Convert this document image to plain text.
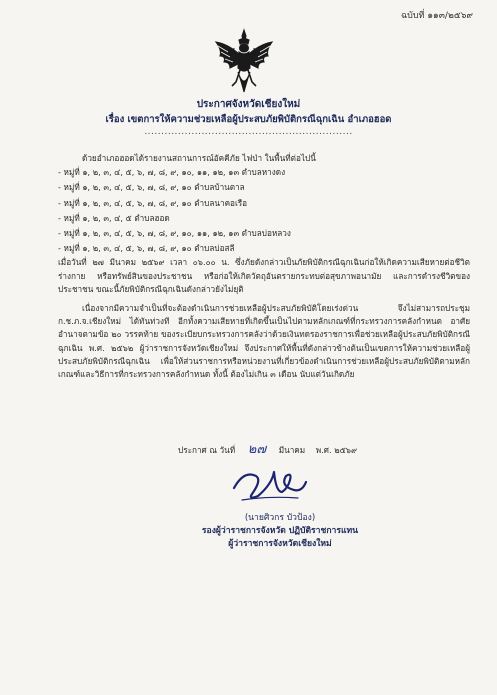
ฉบับที่ ๑๑๓/๒๕๖๙
ประกาศจังหวัดเชียงใหม่
เรื่อง เขตการให้ความช่วยเหลือผู้ประสบภัยพิบัติกรณีฉุกเฉิน อำเภอฮอด
..............................................................

ด้วยอำเภอฮอดได้รายงานสถานการณ์อัคคีภัย ไฟป่า ในพื้นที่ต่อไปนี้

- หมู่ที่ ๑, ๒, ๓, ๔, ๕, ๖, ๗, ๘, ๙, ๑๐, ๑๑, ๑๒, ๑๓ ตำบลหางดง
- หมู่ที่ ๑, ๒, ๓, ๔, ๕, ๖, ๗, ๘, ๙, ๑๐ ตำบลบ้านตาล
- หมู่ที่ ๑, ๒, ๓, ๔, ๕, ๖, ๗, ๘, ๙, ๑๐ ตำบลนาคอเรือ
- หมู่ที่ ๑, ๒, ๓, ๔, ๕ ตำบลฮอด
- หมู่ที่ ๑, ๒, ๓, ๔, ๕, ๖, ๗, ๘, ๙, ๑๐, ๑๑, ๑๒, ๑๓ ตำบลบ่อหลวง
- หมู่ที่ ๑, ๒, ๓, ๔, ๕, ๖, ๗, ๘, ๙, ๑๐ ตำบลบ่อสลี

เมื่อวันที่ ๒๗ มีนาคม ๒๕๖๙ เวลา ๐๖.๐๐ น. ซึ่งภัยดังกล่าวเป็นภัยพิบัติกรณีฉุกเฉินก่อให้เกิดความเสียหายต่อชีวิต ร่างกาย หรือทรัพย์สินของประชาชน หรือก่อให้เกิดวัตถุอันตรายกระทบต่อสุขภาพอนามัย และการดำรงชีวิตของประชาชน ขณะนี้ภัยพิบัติกรณีฉุกเฉินดังกล่าวยังไม่ยุติ

เนื่องจากมีความจำเป็นที่จะต้องดำเนินการช่วยเหลือผู้ประสบภัยพิบัติโดยเร่งด่วน จึงไม่สามารถประชุม ก.ช.ภ.จ.เชียงใหม่ ได้ทันท่วงที อีกทั้งความเสียหายที่เกิดขึ้นเป็นไปตามหลักเกณฑ์ที่กระทรวงการคลังกำหนด อาศัยอำนาจตามข้อ ๒๐ วรรคท้าย ของระเบียบกระทรวงการคลังว่าด้วยเงินทดรองราชการเพื่อช่วยเหลือผู้ประสบภัยพิบัติกรณีฉุกเฉิน พ.ศ. ๒๕๖๒ ผู้ว่าราชการจังหวัดเชียงใหม่ จึงประกาศให้พื้นที่ดังกล่าวข้างต้นเป็นเขตการให้ความช่วยเหลือผู้ประสบภัยพิบัติกรณีฉุกเฉิน เพื่อให้ส่วนราชการหรือหน่วยงานที่เกี่ยวข้องดำเนินการช่วยเหลือผู้ประสบภัยพิบัติตามหลักเกณฑ์และวิธีการที่กระทรวงการคลังกำหนด ทั้งนี้ ต้องไม่เกิน ๓ เดือน นับแต่วันเกิดภัย

ประกาศ ณ วันที่ ๒๗ มีนาคม พ.ศ. ๒๕๖๙
(นายศิวกร บัวป้อง)
รองผู้ว่าราชการจังหวัด ปฏิบัติราชการแทน
ผู้ว่าราชการจังหวัดเชียงใหม่
